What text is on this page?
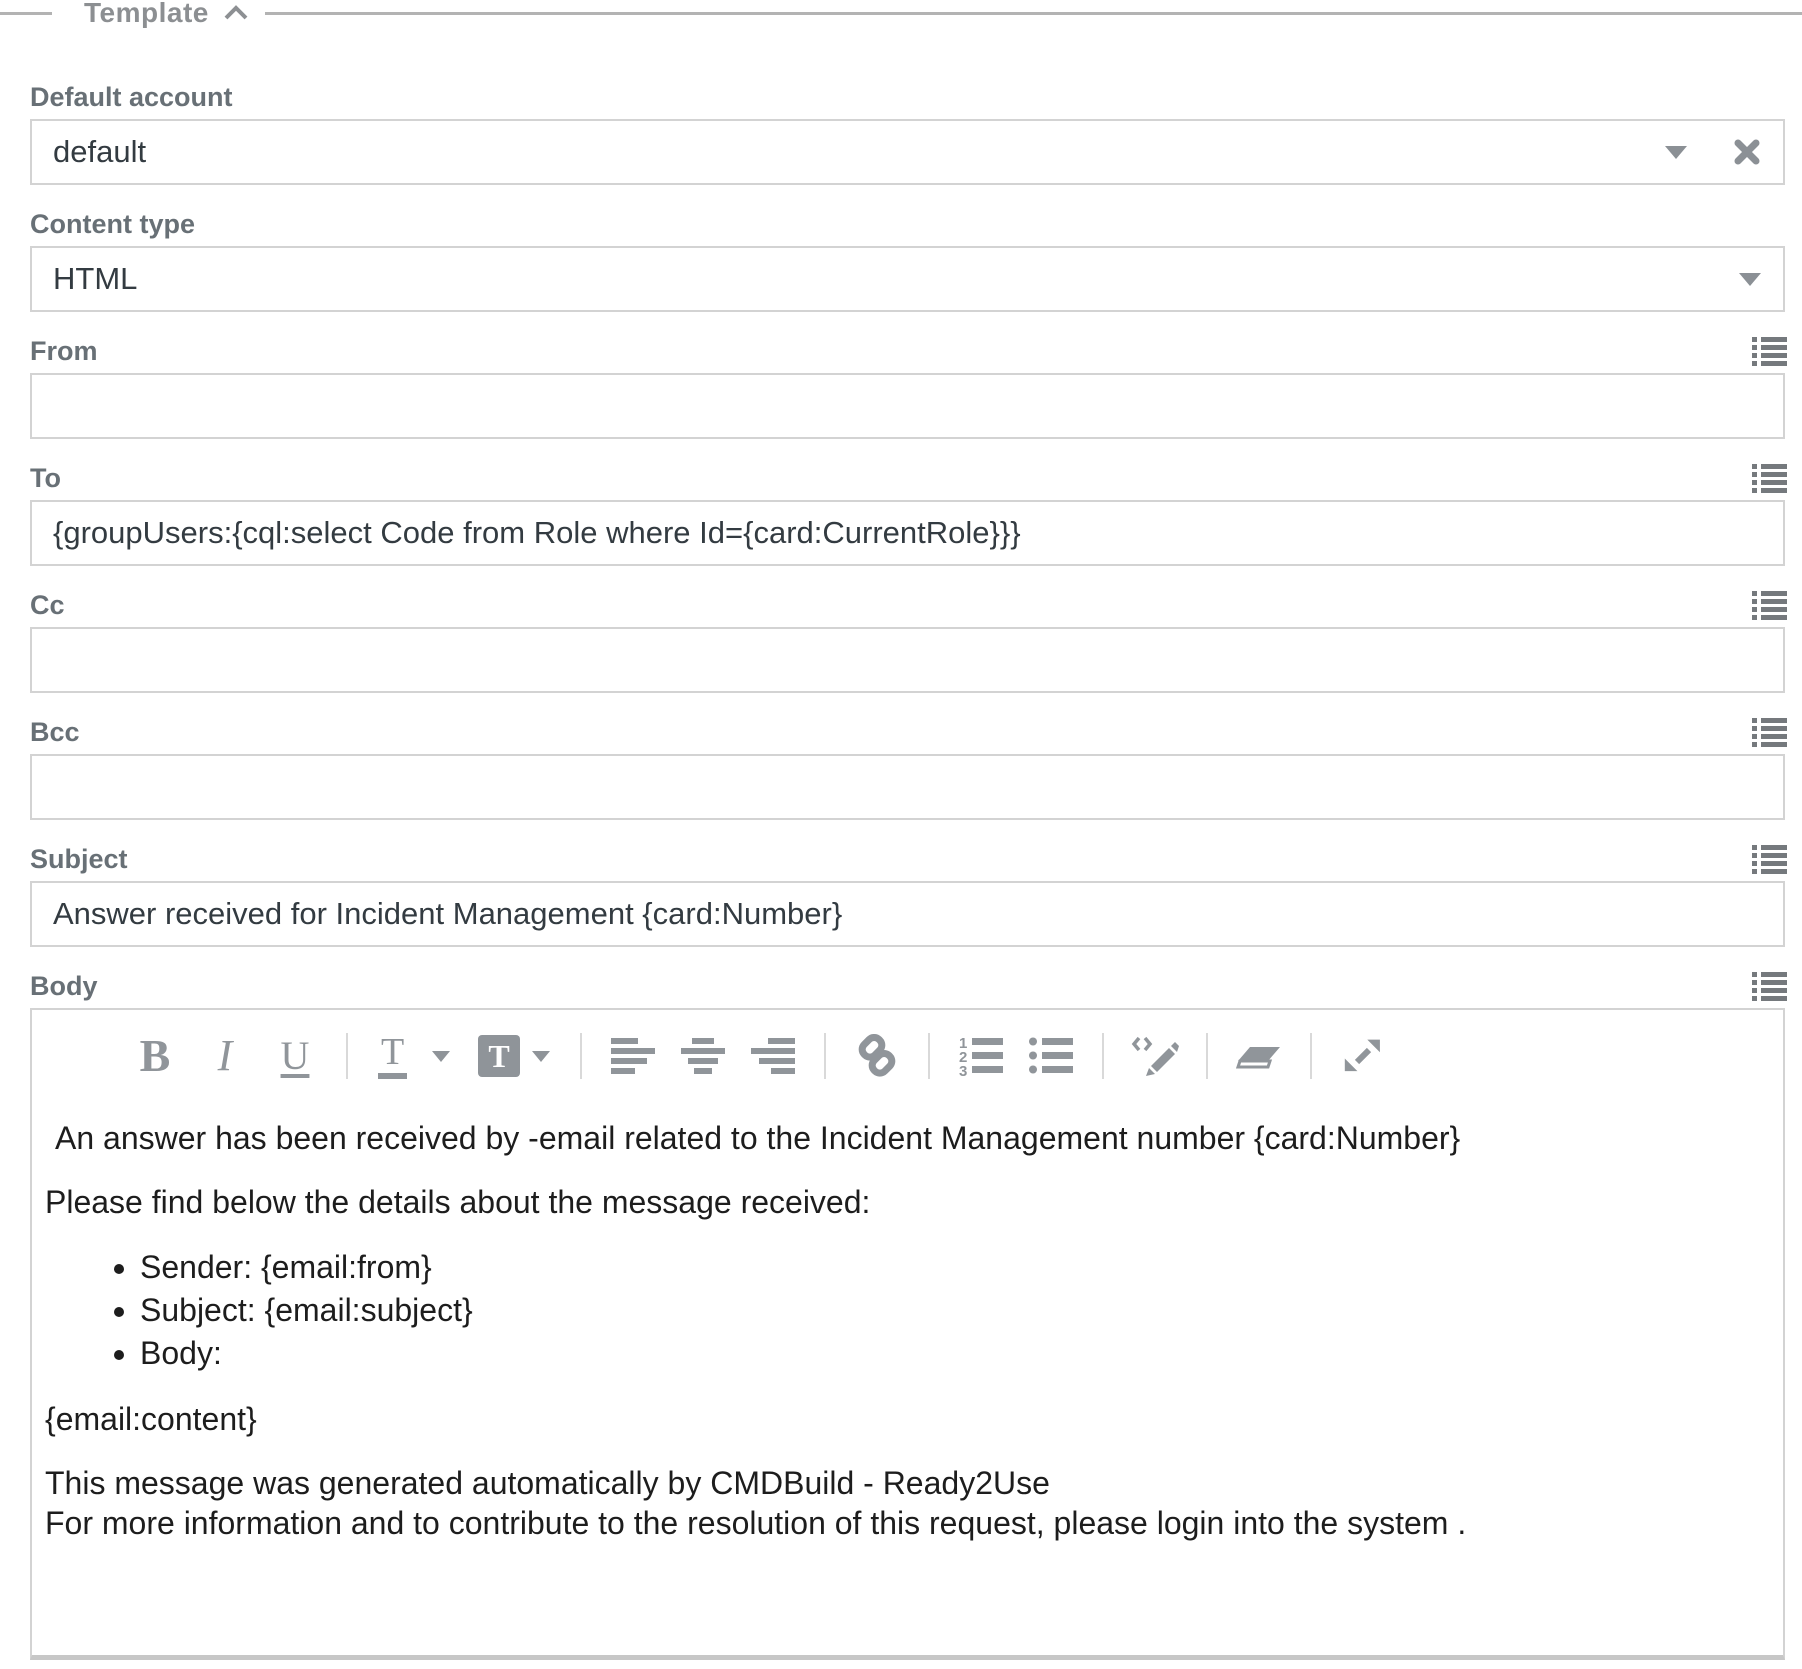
Template
Default account
default
Content type
HTML
From
To
{groupUsers:{cql:select Code from Role where Id={card:CurrentRole}}}
Cc
Bcc
Subject
Answer received for Incident Management {card:Number}
Body
B I U T	T	1
2
3

An answer has been received by -email related to the Incident Management number {card:Number}

Please find below the details about the message received:

• Sender: {email:from}
• Subject: {email:subject}
• Body:

{email:content}

This message was generated automatically by CMDBuild - Ready2Use
For more information and to contribute to the resolution of this request, please login into the system .
